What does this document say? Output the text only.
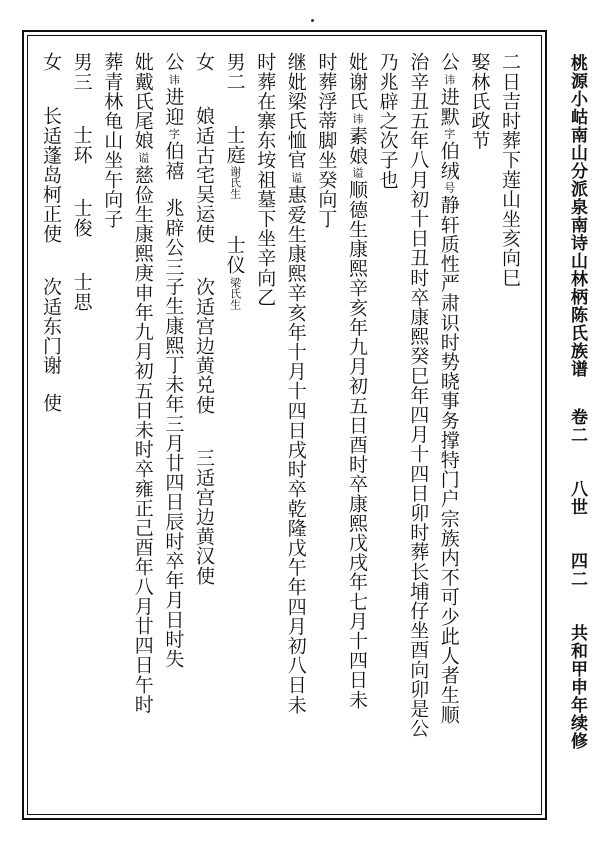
二日吉时葬下莲山坐亥向巳
娶林氏政节
公
讳
进默
字
伯绒
号
静轩质性严肃识时势晓事务撑特门户宗族内不可少此人者生顺
治辛丑五年八月初十日丑时卒康熙癸巳年四月十四日卯时葬长埔仔坐酉向卯是公
乃兆辟之次子也
妣谢氏
讳
素娘
谥
顺德生康熙辛亥年九月初五日酉时卒康熙戊戌年七月十四日未
时葬浮蒂脚坐癸向丁
继妣梁氏恤官
谥
惠爱生康熙辛亥年十月十四日戌时卒乾隆戊午年四月初八日未
时葬在寨东垵祖墓下坐辛向乙
男二
士庭
谢氏生
士仪
梁氏生
女
娘适古宅吴运使
次适宫边黄兑使
三适宫边黄汉使
公
讳
进迎
字
伯禧
兆辟公三子生康熙丁未年三月廿四日辰时卒年月日时失
妣戴氏尾娘
谥
慈俭生康熙庚申年九月初五日未时卒雍正己酉年八月廿四日午时
葬青林龟山坐午向子
男三
士环
士俊
士思
女
长适蓬岛柯正使
次适东门谢
使
桃源小岵南山分派泉南诗山林柄陈氏族谱
卷二
八世
四二
共和甲申年续修
